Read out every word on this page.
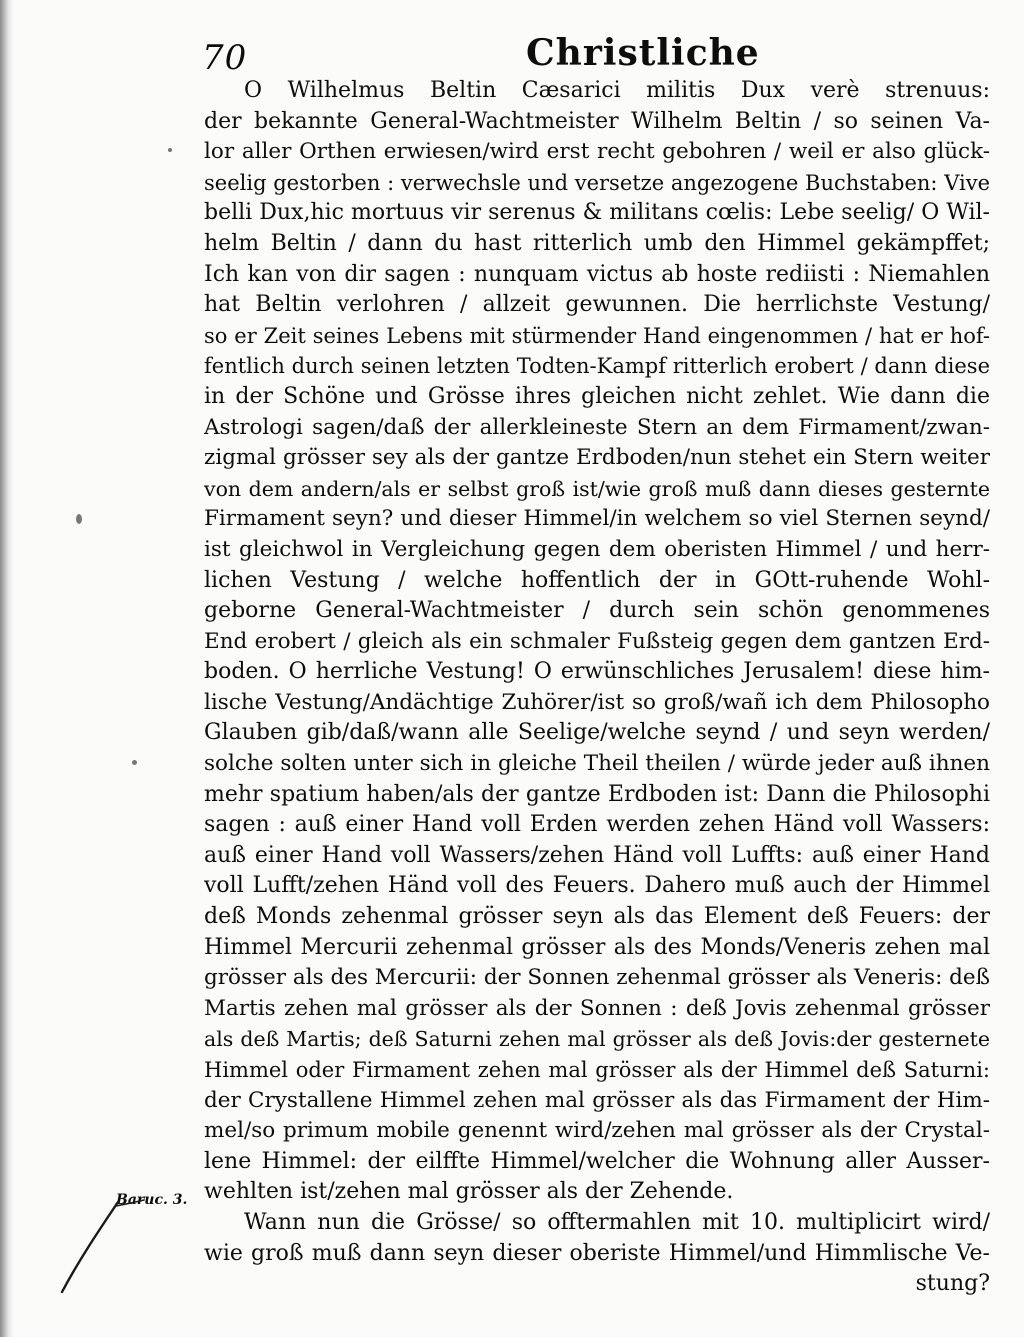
70	Christliche
O Wilhelmus Beltin Cæsarici militis Dux verè strenuus:
der bekannte General-Wachtmeister Wilhelm Beltin / so seinen Va-
lor aller Orthen erwiesen/wird erst recht gebohren / weil er also glück-
seelig gestorben : verwechsle und versetze angezogene Buchstaben: Vive
belli Dux,hic mortuus vir serenus & militans cœlis: Lebe seelig/ O Wil-
helm Beltin / dann du hast ritterlich umb den Himmel gekämpffet;
Ich kan von dir sagen : nunquam victus ab hoste rediisti : Niemahlen
hat Beltin verlohren / allzeit gewunnen. Die herrlichste Vestung/
so er Zeit seines Lebens mit stürmender Hand eingenommen / hat er hof-
fentlich durch seinen letzten Todten-Kampf ritterlich erobert / dann diese
in der Schöne und Grösse ihres gleichen nicht zehlet. Wie dann die
Astrologi sagen/daß der allerkleineste Stern an dem Firmament/zwan-
zigmal grösser sey als der gantze Erdboden/nun stehet ein Stern weiter
von dem andern/als er selbst groß ist/wie groß muß dann dieses gesternte
Firmament seyn? und dieser Himmel/in welchem so viel Sternen seynd/
ist gleichwol in Vergleichung gegen dem oberisten Himmel / und herr-
lichen Vestung / welche hoffentlich der in GOtt-ruhende Wohl-
geborne General-Wachtmeister / durch sein schön genommenes
End erobert / gleich als ein schmaler Fußsteig gegen dem gantzen Erd-
boden. O herrliche Vestung! O erwünschliches Jerusalem! diese him-
lische Vestung/Andächtige Zuhörer/ist so groß/wañ ich dem Philosopho
Glauben gib/daß/wann alle Seelige/welche seynd / und seyn werden/
solche solten unter sich in gleiche Theil theilen / würde jeder auß ihnen
mehr spatium haben/als der gantze Erdboden ist: Dann die Philosophi
sagen : auß einer Hand voll Erden werden zehen Händ voll Wassers:
auß einer Hand voll Wassers/zehen Händ voll Luffts: auß einer Hand
voll Lufft/zehen Händ voll des Feuers. Dahero muß auch der Himmel
deß Monds zehenmal grösser seyn als das Element deß Feuers: der
Himmel Mercurii zehenmal grösser als des Monds/Veneris zehen mal
grösser als des Mercurii: der Sonnen zehenmal grösser als Veneris: deß
Martis zehen mal grösser als der Sonnen : deß Jovis zehenmal grösser
als deß Martis; deß Saturni zehen mal grösser als deß Jovis:der gesternete
Himmel oder Firmament zehen mal grösser als der Himmel deß Saturni:
der Crystallene Himmel zehen mal grösser als das Firmament der Him-
mel/so primum mobile genennt wird/zehen mal grösser als der Crystal-
lene Himmel: der eilffte Himmel/welcher die Wohnung aller Ausser-
wehlten ist/zehen mal grösser als der Zehende.
Wann nun die Grösse/ so offtermahlen mit 10. multiplicirt wird/
wie groß muß dann seyn dieser oberiste Himmel/und Himmlische Ve-
stung?
Baruc. 3.
